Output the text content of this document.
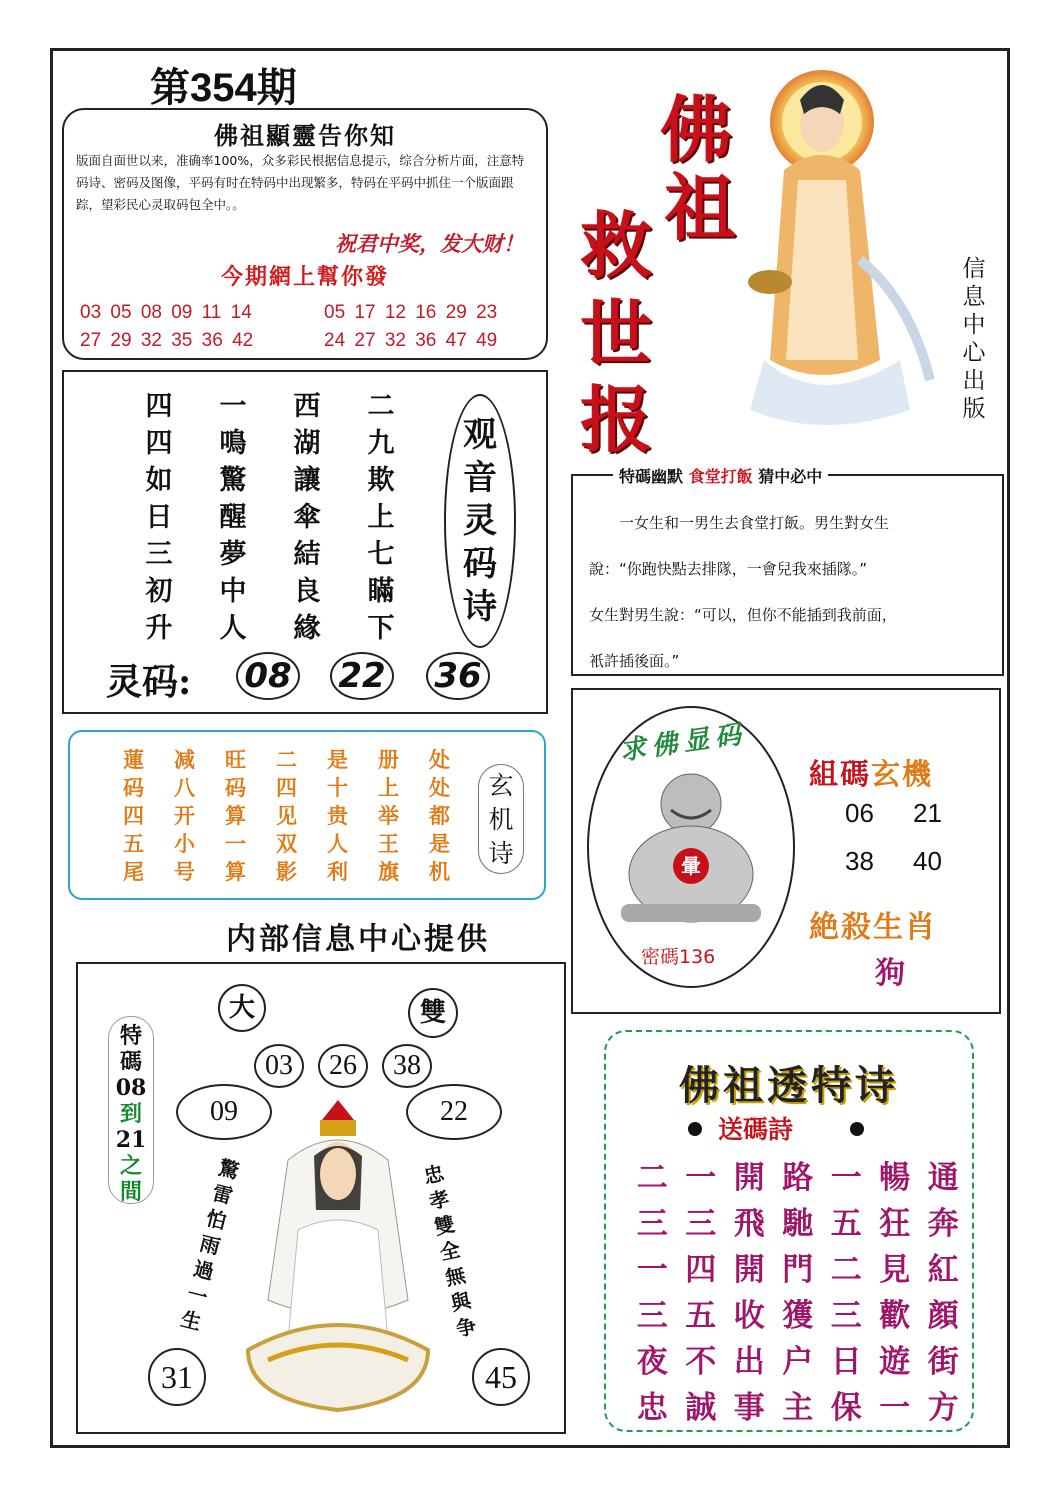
第354期
佛祖顯靈告你知

版面自面世以来，准确率100%，众多彩民根据信息提示，综合分析片面，注意特码诗、密码及图像，平码有时在特码中出现繁多，特码在平码中抓住一个版面跟踪，望彩民心灵取码包全中。。

祝君中奖，发大财！
今期網上幫你發
03 05 08 09 11 14
27 29 32 35 36 42
05 17 12 16 29 23
24 27 32 36 47 49
佛
祖
救
世
报
信息中心出版
四	一	西	二
四	鳴	湖	九
如	驚	讓	欺
日	醒	傘	上
三	夢	結	七
初	中	良	瞞
升	人	緣	下
观
音
灵
码
诗
灵码: 08 22 36
蓮	减	旺	二	是	册	处
码	八	码	四	十	上	处
四	开	算	见	贵	举	都
五	小	一	双	人	王	是
尾	号	算	影	利	旗	机
玄
机
诗
内部信息中心提供
特
碼
08
到
21
之
間
大	雙
03	26	38
09	22
31	45
驚
雷
怕
雨
過
一
生
忠
孝
雙
全
無
與
争
特碼幽默 食堂打飯 猜中必中
　　一女生和一男生去食堂打飯。男生對女生
說：“你跑快點去排隊，一會兒我來插隊。”
女生對男生說：“可以，但你不能插到我前面，
衹許插後面。”
求佛显码
暈
密碼136
組碼玄機
06 21
38 40
絶殺生肖
狗
佛祖透特诗
送碼詩
二 一 開 路 一 暢 通
三 三 飛 馳 五 狂 奔
一 四 開 門 二 見 紅
三 五 收 獲 三 歡 顔
夜 不 出 户 日 遊 街
忠 誠 事 主 保 一 方
